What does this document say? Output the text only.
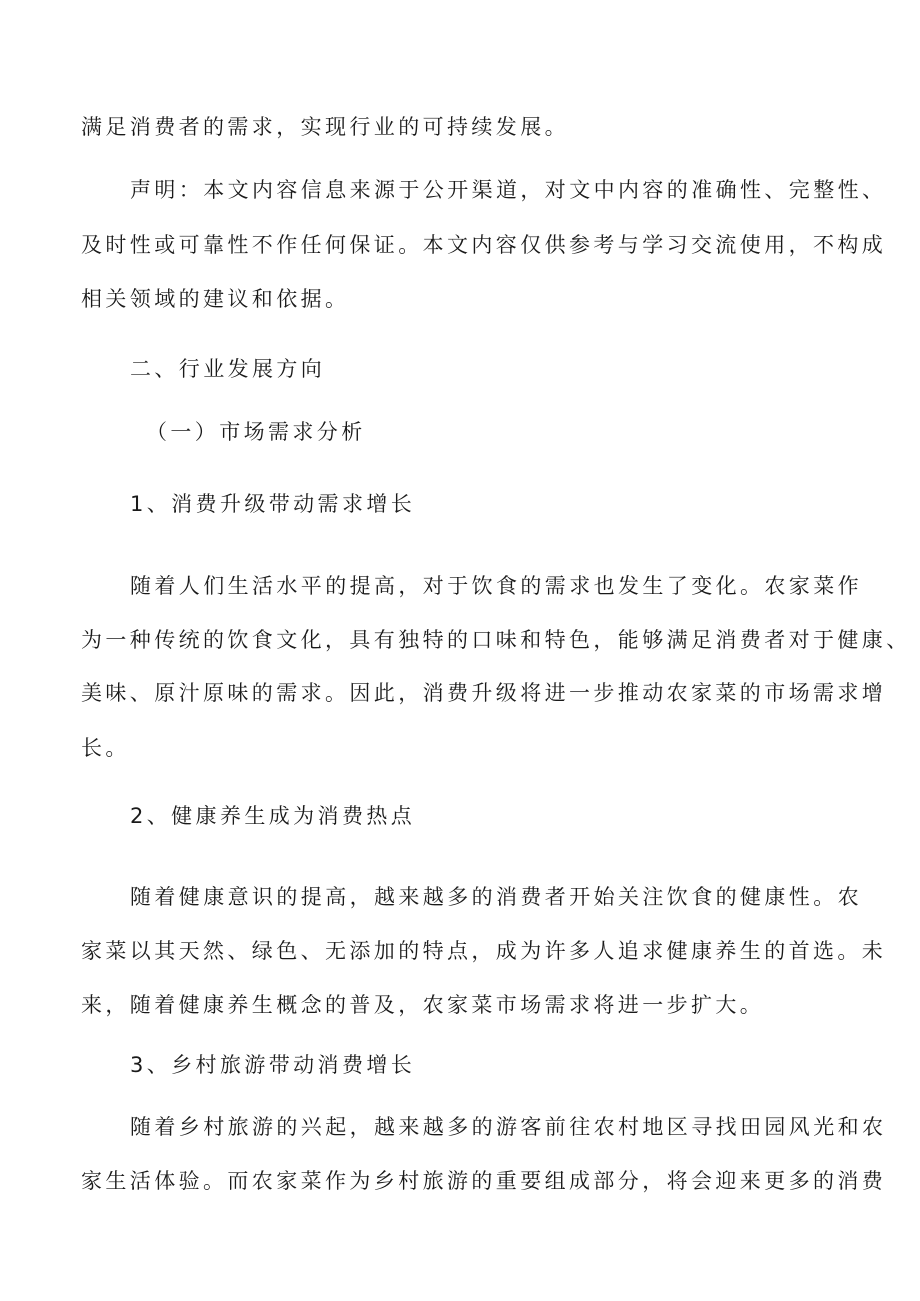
满足消费者的需求，实现行业的可持续发展。
声明：本文内容信息来源于公开渠道，对文中内容的准确性、完整性、
及时性或可靠性不作任何保证。本文内容仅供参考与学习交流使用，不构成
相关领域的建议和依据。
二、行业发展方向
（一）市场需求分析
1、消费升级带动需求增长
随着人们生活水平的提高，对于饮食的需求也发生了变化。农家菜作
为一种传统的饮食文化，具有独特的口味和特色，能够满足消费者对于健康、
美味、原汁原味的需求。因此，消费升级将进一步推动农家菜的市场需求增
长。
2、健康养生成为消费热点
随着健康意识的提高，越来越多的消费者开始关注饮食的健康性。农
家菜以其天然、绿色、无添加的特点，成为许多人追求健康养生的首选。未
来，随着健康养生概念的普及，农家菜市场需求将进一步扩大。
3、乡村旅游带动消费增长
随着乡村旅游的兴起，越来越多的游客前往农村地区寻找田园风光和农
家生活体验。而农家菜作为乡村旅游的重要组成部分，将会迎来更多的消费
